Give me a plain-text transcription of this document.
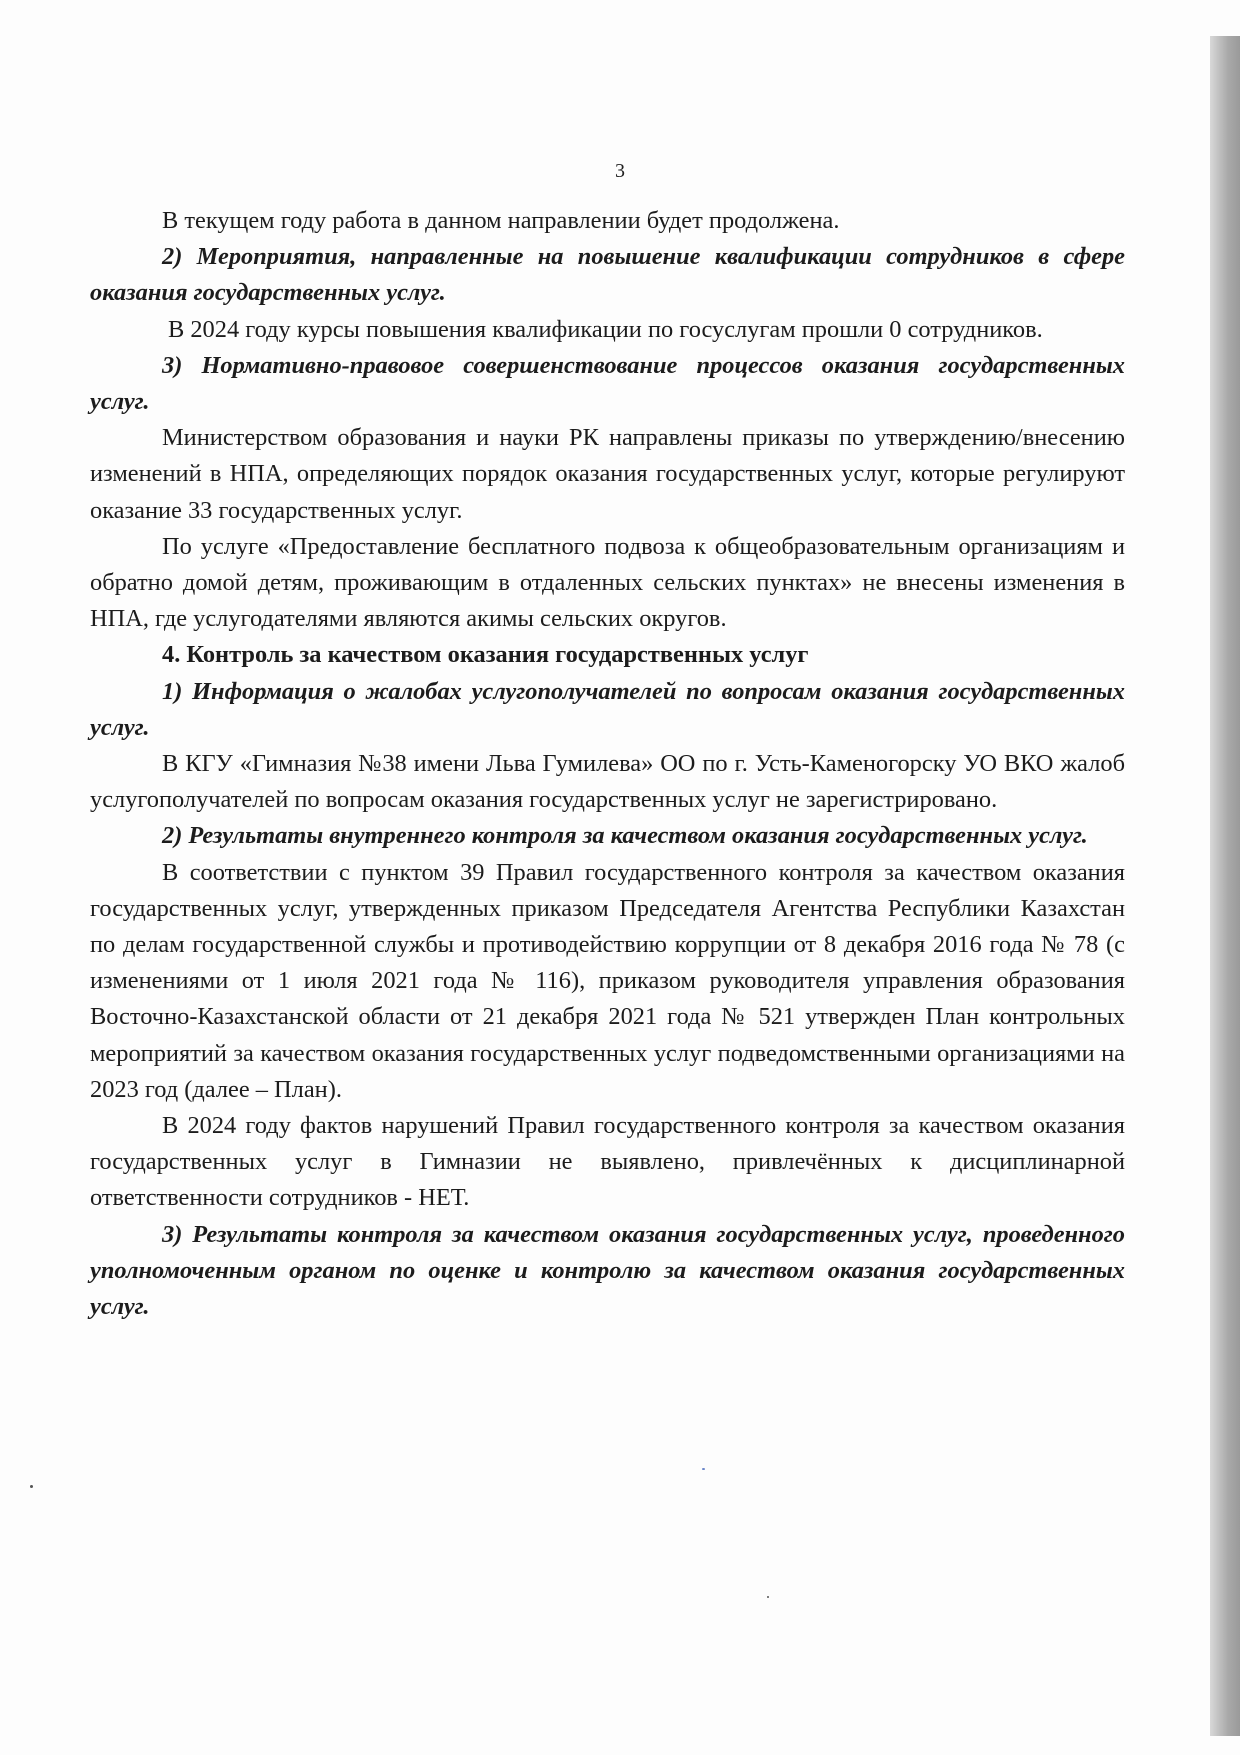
3

В текущем году работа в данном направлении будет продолжена.

2) Мероприятия, направленные на повышение квалификации сотрудников в сфере оказания государственных услуг.

В 2024 году курсы повышения квалификации по госуслугам прошли 0 сотрудников.

3) Нормативно-правовое совершенствование процессов оказания государственных услуг.

Министерством образования и науки РК направлены приказы по утверждению/внесению изменений в НПА, определяющих порядок оказания государственных услуг, которые регулируют оказание 33 государственных услуг.

По услуге «Предоставление бесплатного подвоза к общеобразовательным организациям и обратно домой детям, проживающим в отдаленных сельских пунктах» не внесены изменения в НПА, где услугодателями являются акимы сельских округов.

4. Контроль за качеством оказания государственных услуг

1) Информация о жалобах услугополучателей по вопросам оказания государственных услуг.

В КГУ «Гимназия №38 имени Льва Гумилева» ОО по г. Усть-Каменогорску УО ВКО жалоб услугополучателей по вопросам оказания государственных услуг не зарегистрировано.

2) Результаты внутреннего контроля за качеством оказания государственных услуг.

В соответствии с пунктом 39 Правил государственного контроля за качеством оказания государственных услуг, утвержденных приказом Председателя Агентства Республики Казахстан по делам государственной службы и противодействию коррупции от 8 декабря 2016 года № 78 (с изменениями от 1 июля 2021 года № 116), приказом руководителя управления образования Восточно-Казахстанской области от 21 декабря 2021 года № 521 утвержден План контрольных мероприятий за качеством оказания государственных услуг подведомственными организациями на 2023 год (далее – План).

В 2024 году фактов нарушений Правил государственного контроля за качеством оказания государственных услуг в Гимназии не выявлено, привлечённых к дисциплинарной ответственности сотрудников - НЕТ.

3) Результаты контроля за качеством оказания государственных услуг, проведенного уполномоченным органом по оценке и контролю за качеством оказания государственных услуг.
